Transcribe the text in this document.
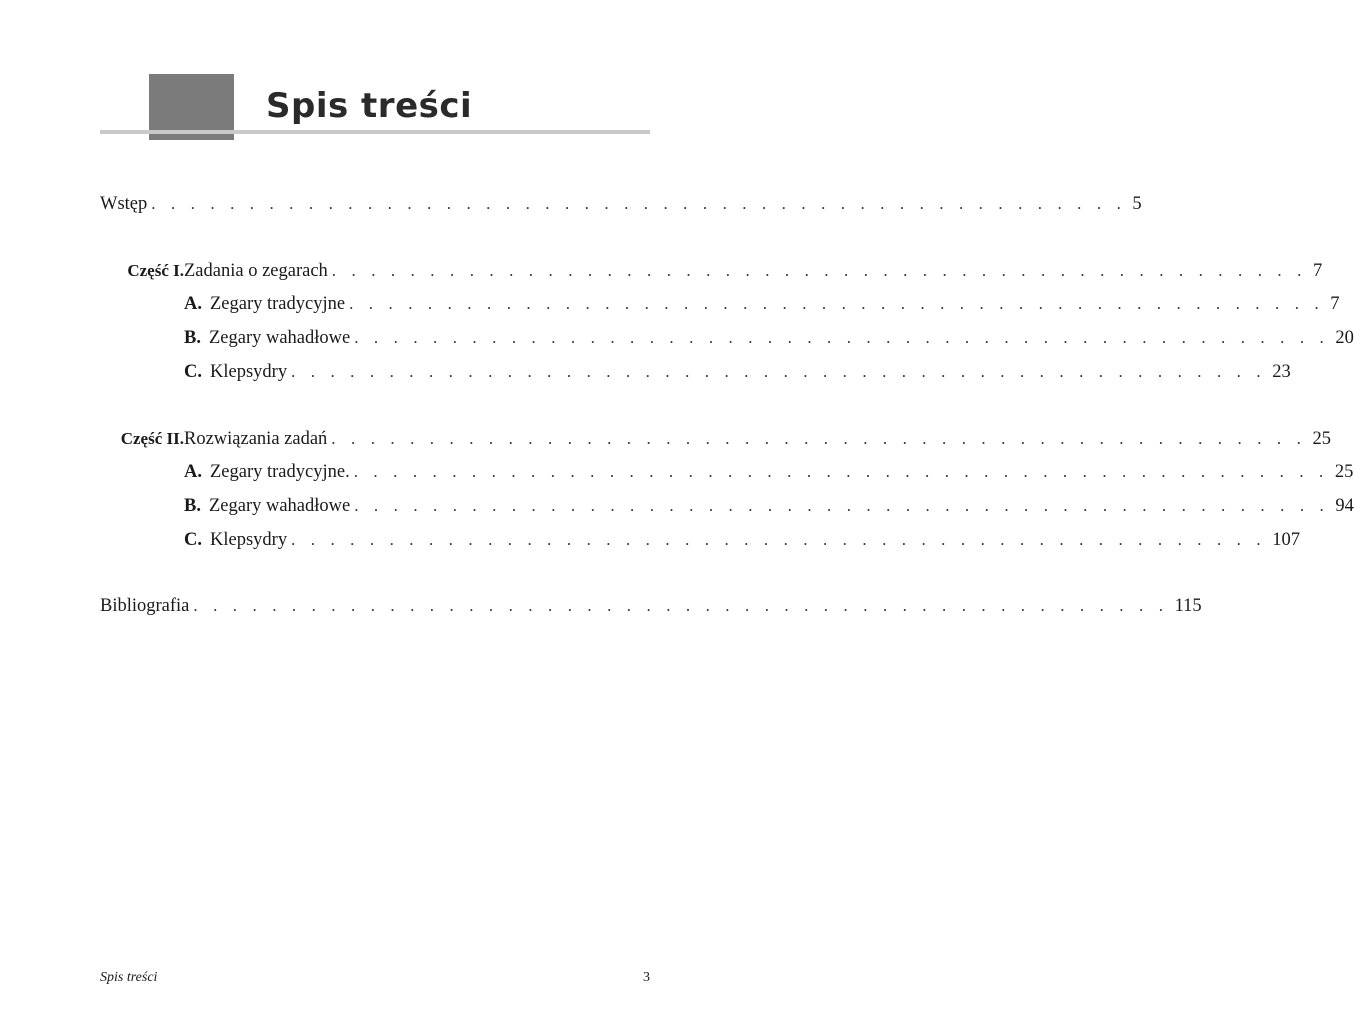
Spis treści
Wstęp . . . . . . . . . . . . . . . . . . . . . . . . . . . . . . . . . . . . . . . . . . . . . . . . . . 5
Część I. Zadania o zegarach . . . . . . . . . . . . . . . . . . . . . . . . . . . . . . . . . . . . . . . . . . . . . . . . . . 7
A. Zegary tradycyjne . . . . . . . . . . . . . . . . . . . . . . . . . . . . . . . . . . . . . . . . . . . . . . . . . . 7
B. Zegary wahadłowe . . . . . . . . . . . . . . . . . . . . . . . . . . . . . . . . . . . . . . . . . . . . . . . . . . 20
C. Klepsydry . . . . . . . . . . . . . . . . . . . . . . . . . . . . . . . . . . . . . . . . . . . . . . . . . . 23
Część II. Rozwiązania zadań . . . . . . . . . . . . . . . . . . . . . . . . . . . . . . . . . . . . . . . . . . . . . . . . . . 25
A. Zegary tradycyjne. . . . . . . . . . . . . . . . . . . . . . . . . . . . . . . . . . . . . . . . . . . . . . . . . . . 25
B. Zegary wahadłowe . . . . . . . . . . . . . . . . . . . . . . . . . . . . . . . . . . . . . . . . . . . . . . . . . . 94
C. Klepsydry . . . . . . . . . . . . . . . . . . . . . . . . . . . . . . . . . . . . . . . . . . . . . . . . . . 107
Bibliografia . . . . . . . . . . . . . . . . . . . . . . . . . . . . . . . . . . . . . . . . . . . . . . . . . . 115
Spis treści	3
